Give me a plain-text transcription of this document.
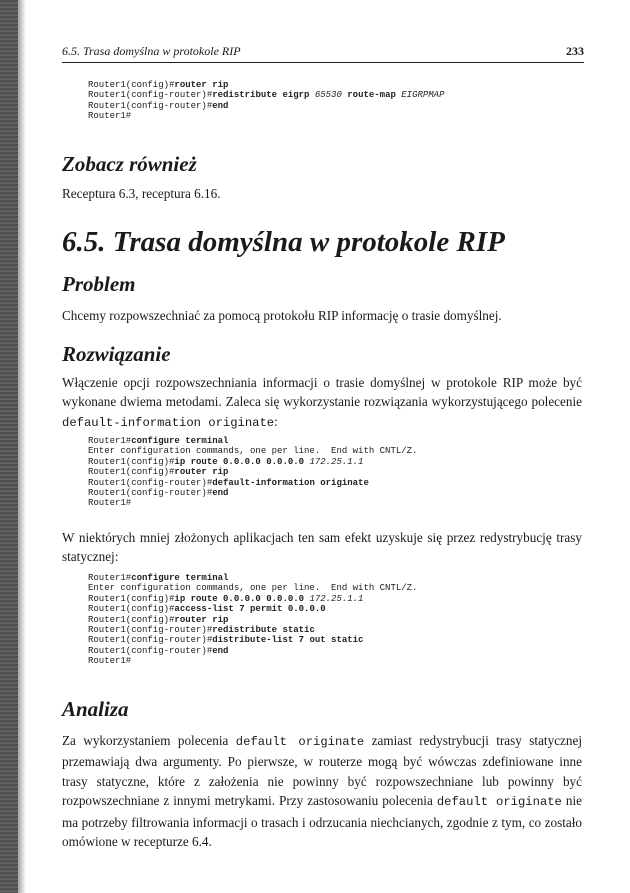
6.5. Trasa domyślna w protokole RIP	233
Router1(config)#router rip
Router1(config-router)#redistribute eigrp 65530 route-map EIGRPMAP
Router1(config-router)#end
Router1#
Zobacz również

Receptura 6.3, receptura 6.16.

6.5. Trasa domyślna w protokole RIP
Problem

Chcemy rozpowszechniać za pomocą protokołu RIP informację o trasie domyślnej.

Rozwiązanie

Włączenie opcji rozpowszechniania informacji o trasie domyślnej w protokole RIP może być wykonane dwiema metodami. Zaleca się wykorzystanie rozwiązania wykorzystującego polecenie default-information originate:

Router1#configure terminal
Enter configuration commands, one per line.  End with CNTL/Z.
Router1(config)#ip route 0.0.0.0 0.0.0.0 172.25.1.1
Router1(config)#router rip
Router1(config-router)#default-information originate
Router1(config-router)#end
Router1#

W niektórych mniej złożonych aplikacjach ten sam efekt uzyskuje się przez redystrybucję trasy statycznej:

Router1#configure terminal
Enter configuration commands, one per line.  End with CNTL/Z.
Router1(config)#ip route 0.0.0.0 0.0.0.0 172.25.1.1
Router1(config)#access-list 7 permit 0.0.0.0
Router1(config)#router rip
Router1(config-router)#redistribute static
Router1(config-router)#distribute-list 7 out static
Router1(config-router)#end
Router1#
Analiza

Za wykorzystaniem polecenia default originate zamiast redystrybucji trasy statycznej przemawiają dwa argumenty. Po pierwsze, w routerze mogą być wówczas zdefiniowane inne trasy statyczne, które z założenia nie powinny być rozpowszechniane lub powinny być rozpowszechniane z innymi metrykami. Przy zastosowaniu polecenia default originate nie ma potrzeby filtrowania informacji o trasach i odrzucania niechcianych, zgodnie z tym, co zostało omówione w recepturze 6.4.
